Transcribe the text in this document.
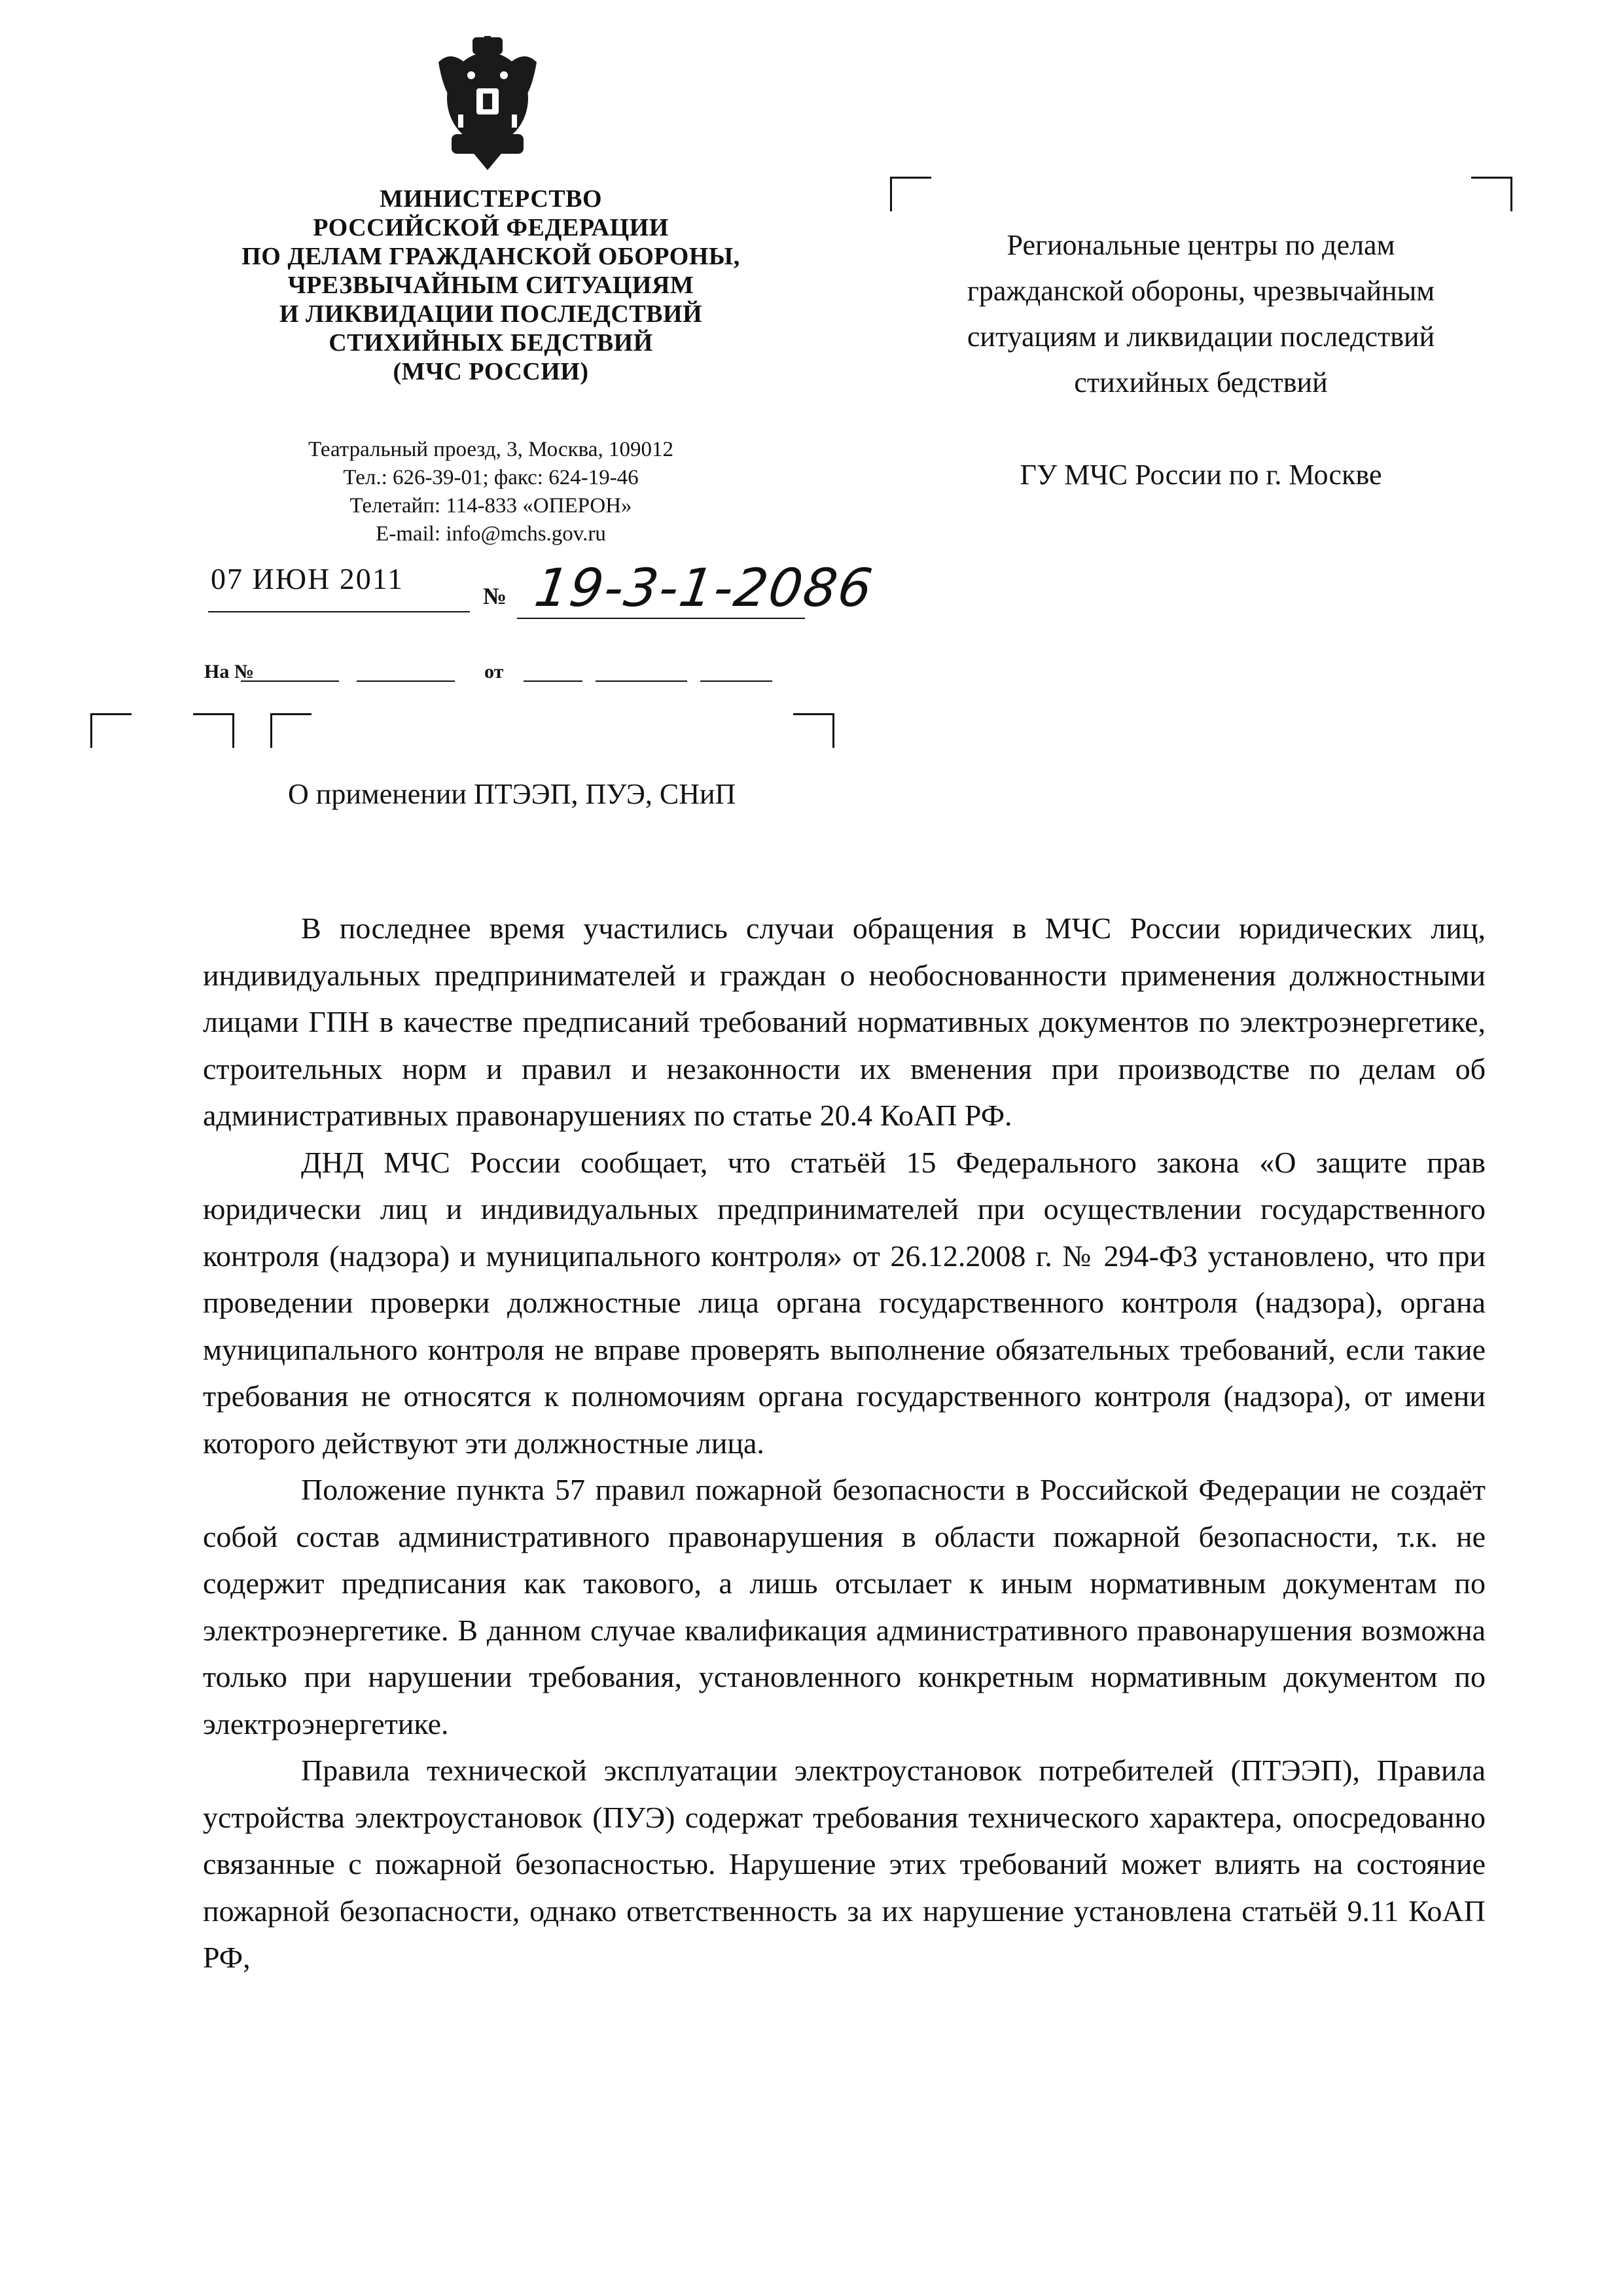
МИНИСТЕРСТВО
РОССИЙСКОЙ ФЕДЕРАЦИИ
ПО ДЕЛАМ ГРАЖДАНСКОЙ ОБОРОНЫ,
ЧРЕЗВЫЧАЙНЫМ СИТУАЦИЯМ
И ЛИКВИДАЦИИ ПОСЛЕДСТВИЙ
СТИХИЙНЫХ БЕДСТВИЙ
(МЧС РОССИИ)
Театральный проезд, 3, Москва, 109012
Тел.: 626-39-01; факс: 624-19-46
Телетайп: 114-833 «ОПЕРОН»
E-mail: info@mchs.gov.ru
07 ИЮН 2011
№ 19-3-1-2086
На №	от
Региональные центры по делам
гражданской обороны, чрезвычайным
ситуациям и ликвидации последствий
стихийных бедствий
ГУ МЧС России по г. Москве
О применении ПТЭЭП, ПУЭ, СНиП

В последнее время участились случаи обращения в МЧС России юридических лиц, индивидуальных предпринимателей и граждан о необоснованности применения должностными лицами ГПН в качестве предписаний требований нормативных документов по электроэнергетике, строительных норм и правил и незаконности их вменения при производстве по делам об административных правонарушениях по статье 20.4 КоАП РФ.

ДНД МЧС России сообщает, что статьёй 15 Федерального закона «О защите прав юридически лиц и индивидуальных предпринимателей при осуществлении государственного контроля (надзора) и муниципального контроля» от 26.12.2008 г. № 294-ФЗ установлено, что при проведении проверки должностные лица органа государственного контроля (надзора), органа муниципального контроля не вправе проверять выполнение обязательных требований, если такие требования не относятся к полномочиям органа государственного контроля (надзора), от имени которого действуют эти должностные лица.

Положение пункта 57 правил пожарной безопасности в Российской Федерации не создаёт собой состав административного правонарушения в области пожарной безопасности, т.к. не содержит предписания как такового, а лишь отсылает к иным нормативным документам по электроэнергетике. В данном случае квалификация административного правонарушения возможна только при нарушении требования, установленного конкретным нормативным документом по электроэнергетике.

Правила технической эксплуатации электроустановок потребителей (ПТЭЭП), Правила устройства электроустановок (ПУЭ) содержат требования технического характера, опосредованно связанные с пожарной безопасностью. Нарушение этих требований может влиять на состояние пожарной безопасности, однако ответственность за их нарушение установлена статьёй 9.11 КоАП РФ,
